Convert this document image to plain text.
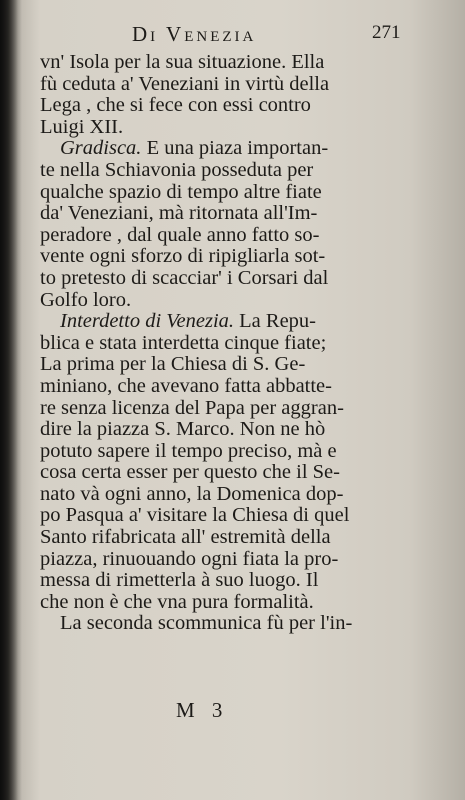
Di Venezia	271
vn' Isola per la sua situazione. Ella
fù ceduta a' Veneziani in virtù della
Lega , che si fece con essi contro
Luigi XII.
Gradisca. E una piaza importan-
te nella Schiavonia posseduta per
qualche spazio di tempo altre fiate
da' Veneziani, mà ritornata all'Im-
peradore , dal quale anno fatto so-
vente ogni sforzo di ripigliarla sot-
to pretesto di scacciar' i Corsari dal
Golfo loro.
Interdetto di Venezia. La Repu-
blica e stata interdetta cinque fiate;
La prima per la Chiesa di S. Ge-
miniano, che avevano fatta abbatte-
re senza licenza del Papa per aggran-
dire la piazza S. Marco. Non ne hò
potuto sapere il tempo preciso, mà e
cosa certa esser per questo che il Se-
nato và ogni anno, la Domenica dop-
po Pasqua a' visitare la Chiesa di quel
Santo rifabricata all' estremità della
piazza, rinuouando ogni fiata la pro-
messa di rimetterla à suo luogo. Il
che non è che vna pura formalità.
La seconda scommunica fù per l'in-
M 3
